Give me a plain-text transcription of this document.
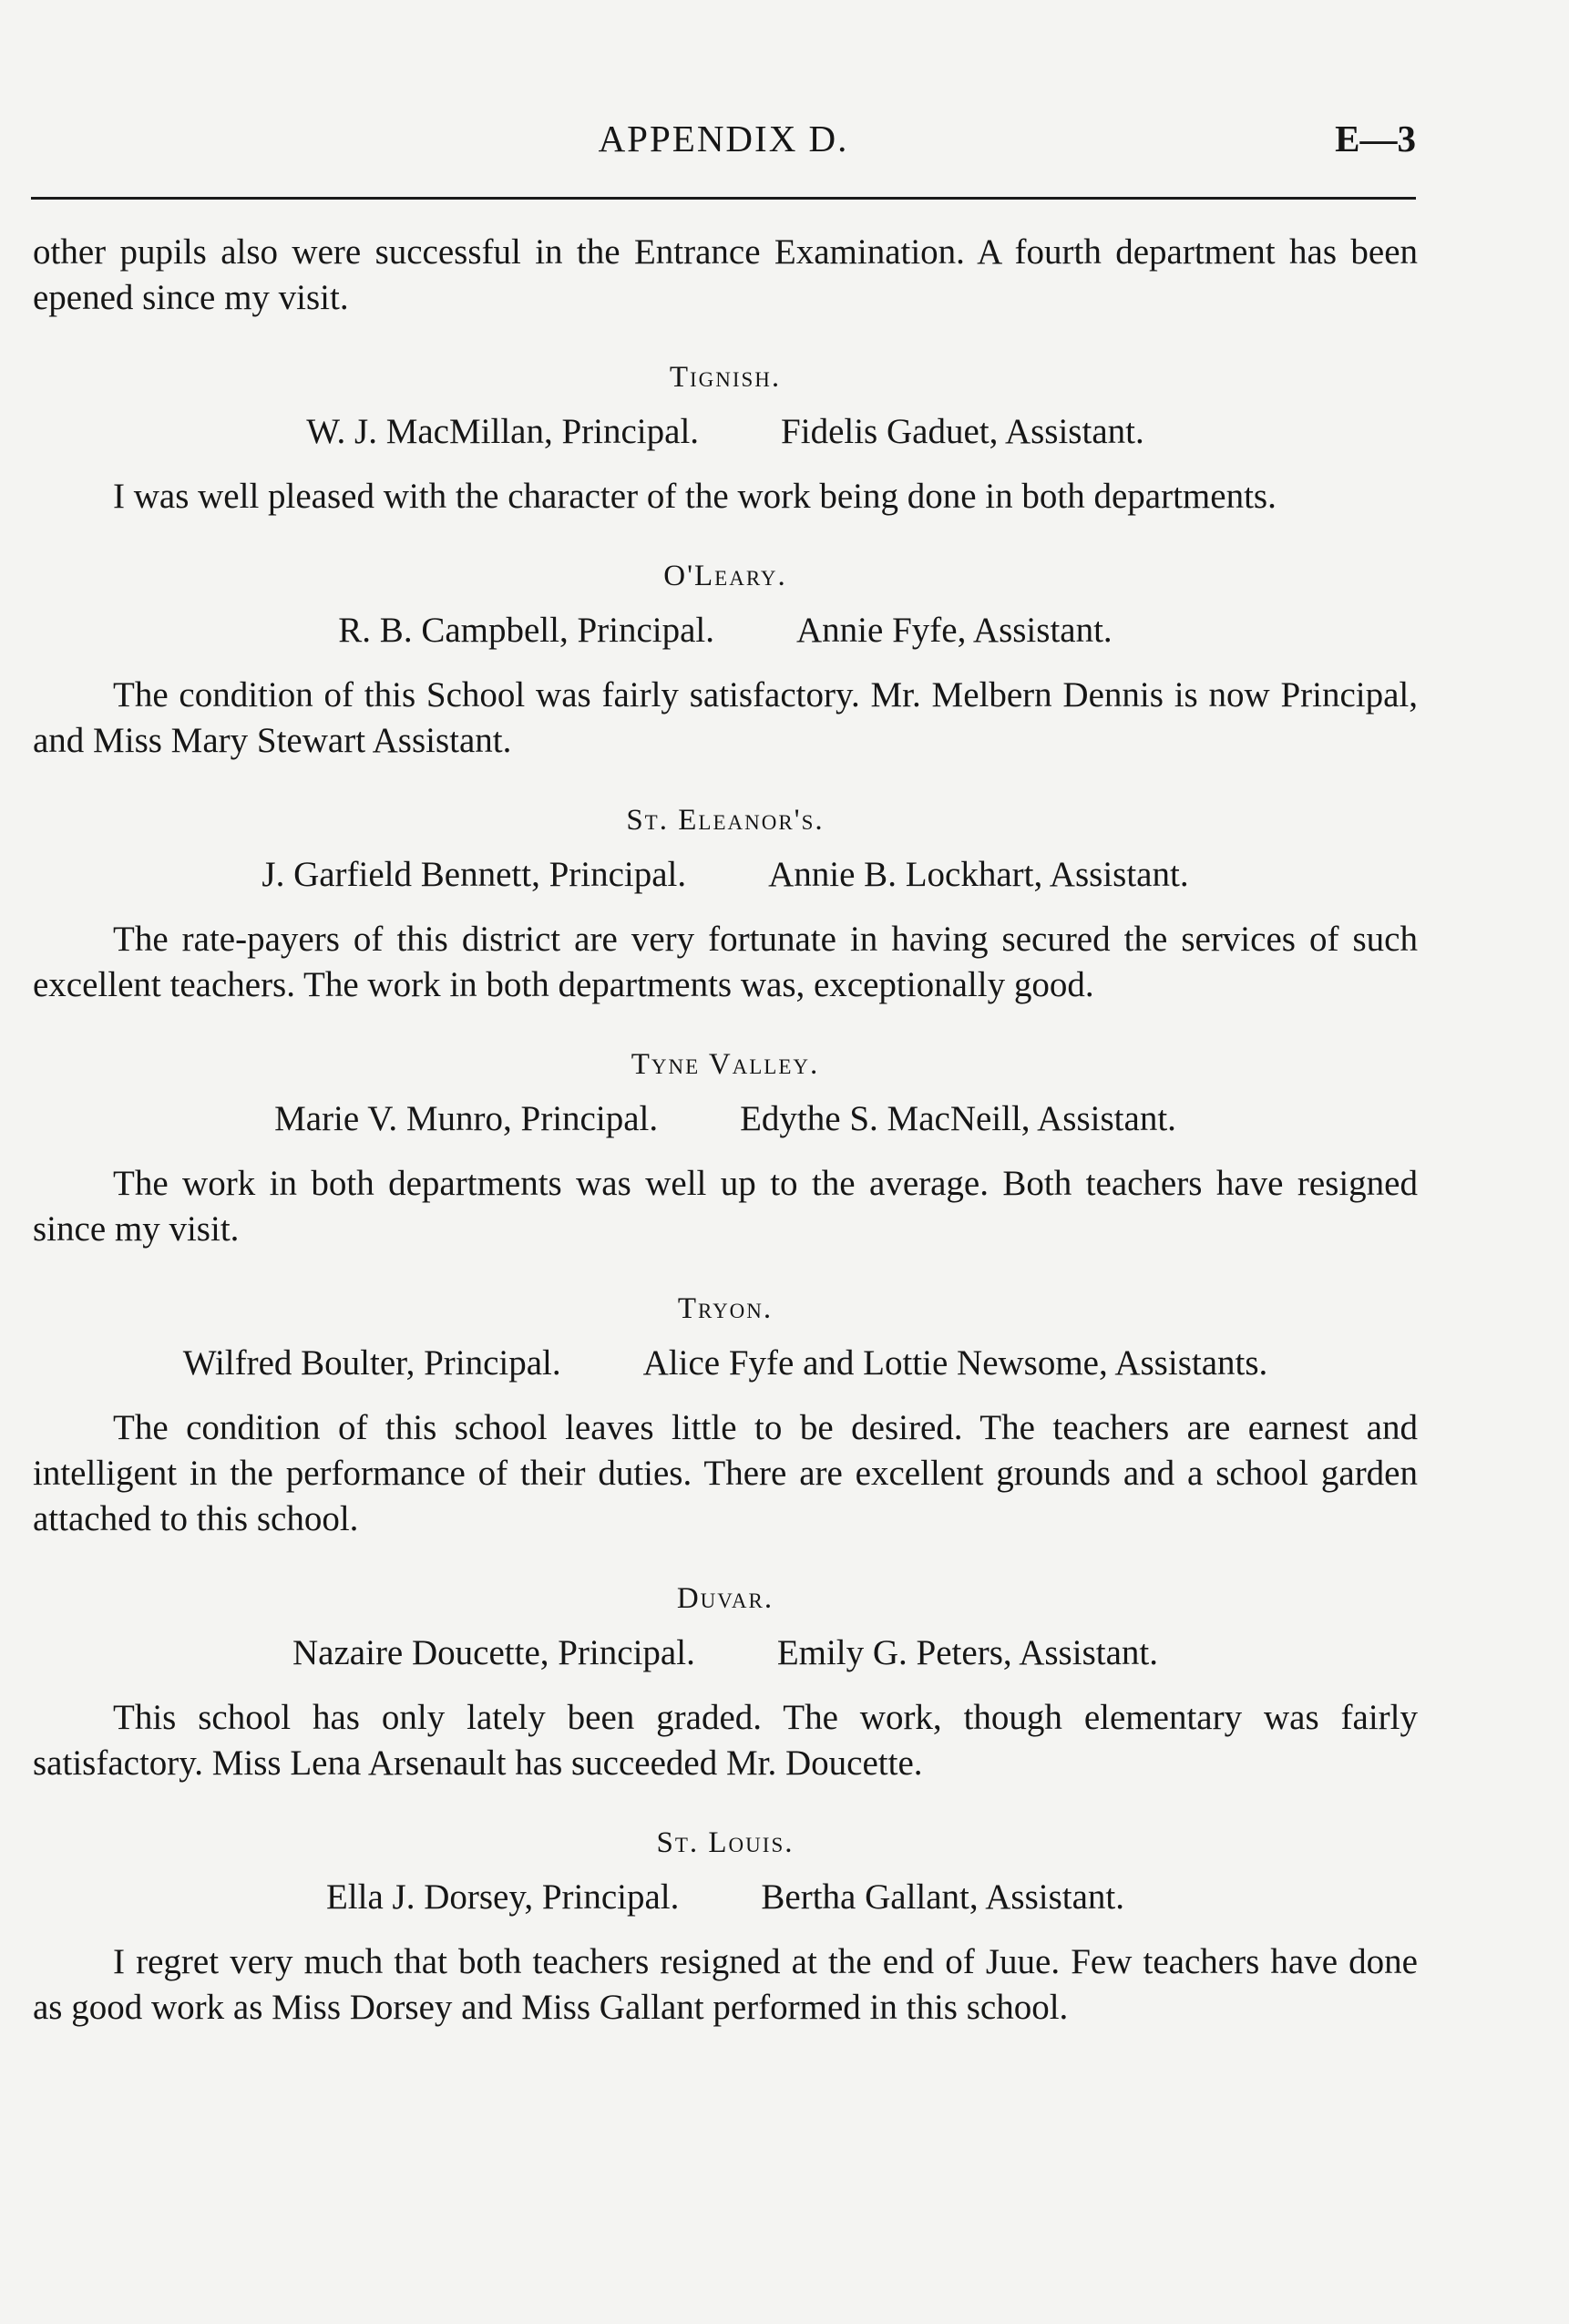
APPENDIX D.	E—3

other pupils also were successful in the Entrance Examination. A fourth department has been epened since my visit.

Tignish.
W. J. MacMillan, Principal. Fidelis Gaduet, Assistant.

I was well pleased with the character of the work being done in both departments.

O'Leary.
R. B. Campbell, Principal. Annie Fyfe, Assistant.

The condition of this School was fairly satisfactory. Mr. Melbern Dennis is now Principal, and Miss Mary Stewart Assistant.

St. Eleanor's.
J. Garfield Bennett, Principal. Annie B. Lockhart, Assistant.

The rate-payers of this district are very fortunate in having secured the services of such excellent teachers. The work in both departments was, exceptionally good.

Tyne Valley.
Marie V. Munro, Principal. Edythe S. MacNeill, Assistant.

The work in both departments was well up to the average. Both teachers have resigned since my visit.

Tryon.
Wilfred Boulter, Principal. Alice Fyfe and Lottie Newsome, Assistants.

The condition of this school leaves little to be desired. The teachers are earnest and intelligent in the performance of their duties. There are excellent grounds and a school garden attached to this school.

Duvar.
Nazaire Doucette, Principal. Emily G. Peters, Assistant.

This school has only lately been graded. The work, though elementary was fairly satisfactory. Miss Lena Arsenault has succeeded Mr. Doucette.

St. Louis.
Ella J. Dorsey, Principal. Bertha Gallant, Assistant.

I regret very much that both teachers resigned at the end of Juue. Few teachers have done as good work as Miss Dorsey and Miss Gallant performed in this school.
